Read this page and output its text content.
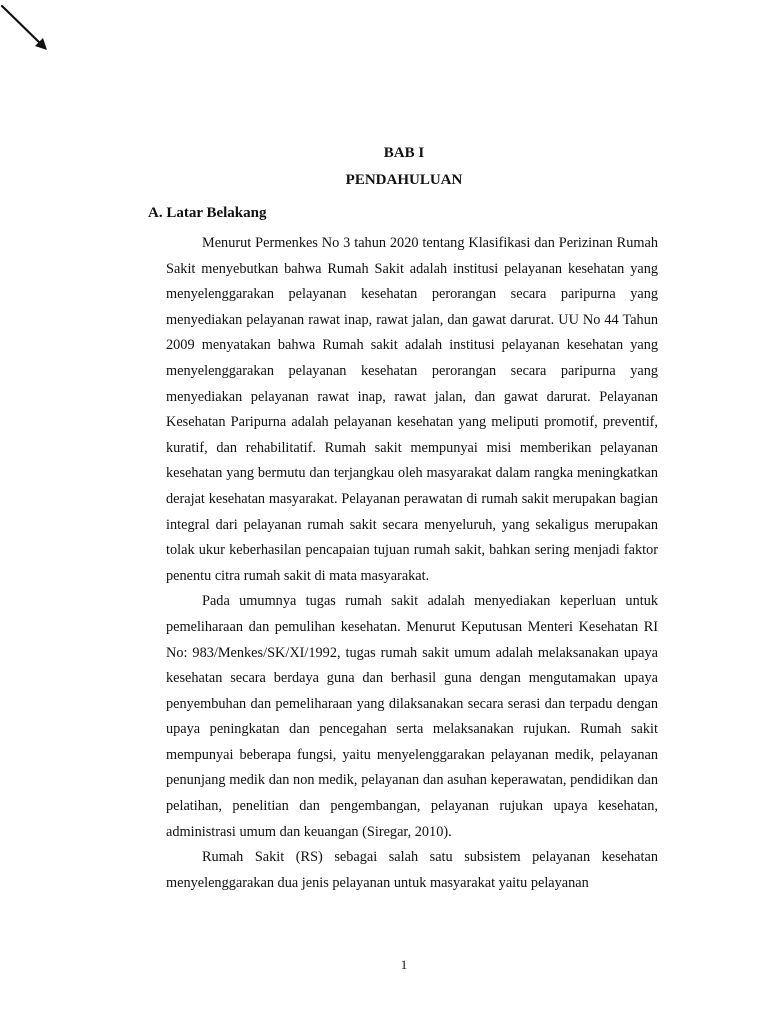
BAB I
PENDAHULUAN
A. Latar Belakang

Menurut Permenkes No 3 tahun 2020 tentang Klasifikasi dan Perizinan Rumah Sakit menyebutkan bahwa Rumah Sakit adalah institusi pelayanan kesehatan yang menyelenggarakan pelayanan kesehatan perorangan secara paripurna yang menyediakan pelayanan rawat inap, rawat jalan, dan gawat darurat. UU No 44 Tahun 2009 menyatakan bahwa Rumah sakit adalah institusi pelayanan kesehatan yang menyelenggarakan pelayanan kesehatan perorangan secara paripurna yang menyediakan pelayanan rawat inap, rawat jalan, dan gawat darurat. Pelayanan Kesehatan Paripurna adalah pelayanan kesehatan yang meliputi promotif, preventif, kuratif, dan rehabilitatif. Rumah sakit mempunyai misi memberikan pelayanan kesehatan yang bermutu dan terjangkau oleh masyarakat dalam rangka meningkatkan derajat kesehatan masyarakat. Pelayanan perawatan di rumah sakit merupakan bagian integral dari pelayanan rumah sakit secara menyeluruh, yang sekaligus merupakan tolak ukur keberhasilan pencapaian tujuan rumah sakit, bahkan sering menjadi faktor penentu citra rumah sakit di mata masyarakat.

Pada umumnya tugas rumah sakit adalah menyediakan keperluan untuk pemeliharaan dan pemulihan kesehatan. Menurut Keputusan Menteri Kesehatan RI No: 983/Menkes/SK/XI/1992, tugas rumah sakit umum adalah melaksanakan upaya kesehatan secara berdaya guna dan berhasil guna dengan mengutamakan upaya penyembuhan dan pemeliharaan yang dilaksanakan secara serasi dan terpadu dengan upaya peningkatan dan pencegahan serta melaksanakan rujukan. Rumah sakit mempunyai beberapa fungsi, yaitu menyelenggarakan pelayanan medik, pelayanan penunjang medik dan non medik, pelayanan dan asuhan keperawatan, pendidikan dan pelatihan, penelitian dan pengembangan, pelayanan rujukan upaya kesehatan, administrasi umum dan keuangan (Siregar, 2010).

Rumah Sakit (RS) sebagai salah satu subsistem pelayanan kesehatan menyelenggarakan dua jenis pelayanan untuk masyarakat yaitu pelayanan

1
